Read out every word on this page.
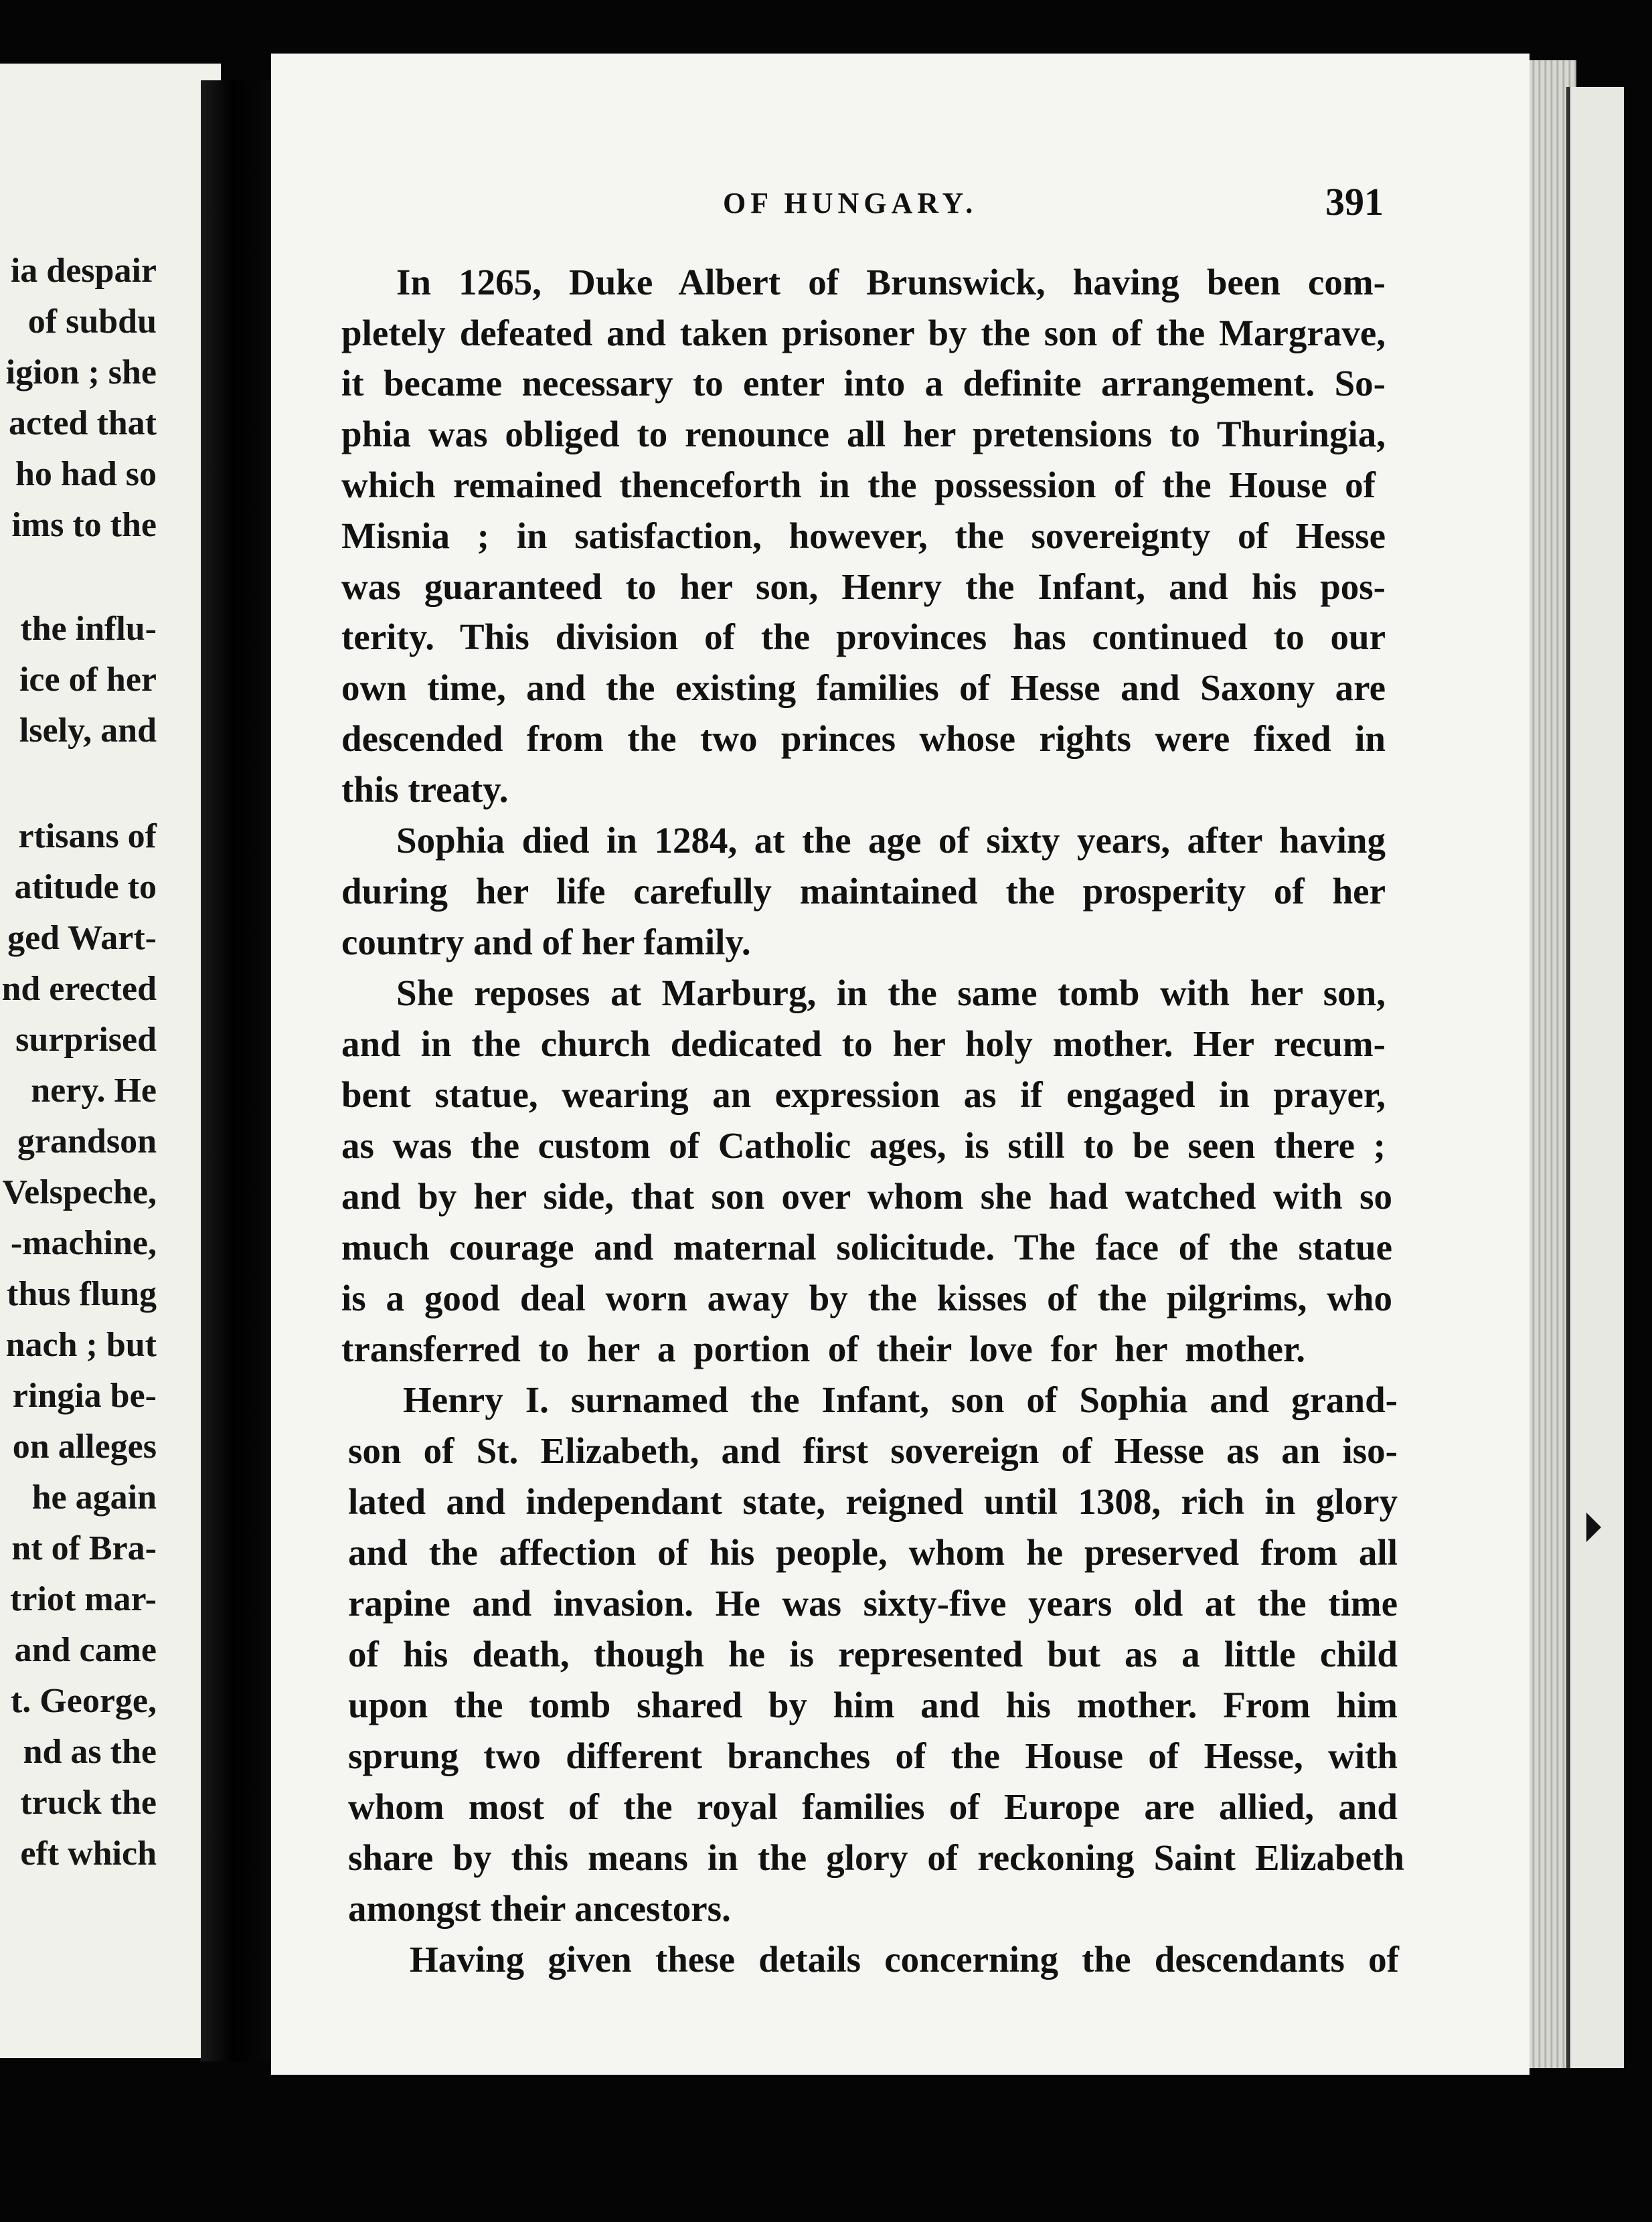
ia despair
of subdu
igion ; she
acted that
ho had so
ims to the
the influ-
ice of her
lsely, and
rtisans of
atitude to
ged Wart-
nd erected
surprised
nery. He
grandson
Velspeche,
-machine,
thus flung
nach ; but
ringia be-
on alleges
he again
nt of Bra-
triot mar-
and came
t. George,
nd as the
truck the
eft which
OF HUNGARY.	391
In 1265, Duke Albert of Brunswick, having been com-
pletely defeated and taken prisoner by the son of the Margrave,
it became necessary to enter into a definite arrangement. So-
phia was obliged to renounce all her pretensions to Thuringia,
which remained thenceforth in the possession of the House of
Misnia ; in satisfaction, however, the sovereignty of Hesse
was guaranteed to her son, Henry the Infant, and his pos-
terity. This division of the provinces has continued to our
own time, and the existing families of Hesse and Saxony are
descended from the two princes whose rights were fixed in
this treaty.
Sophia died in 1284, at the age of sixty years, after having
during her life carefully maintained the prosperity of her
country and of her family.
She reposes at Marburg, in the same tomb with her son,
and in the church dedicated to her holy mother. Her recum-
bent statue, wearing an expression as if engaged in prayer,
as was the custom of Catholic ages, is still to be seen there ;
and by her side, that son over whom she had watched with so
much courage and maternal solicitude. The face of the statue
is a good deal worn away by the kisses of the pilgrims, who
transferred to her a portion of their love for her mother.
Henry I. surnamed the Infant, son of Sophia and grand-
son of St. Elizabeth, and first sovereign of Hesse as an iso-
lated and independant state, reigned until 1308, rich in glory
and the affection of his people, whom he preserved from all
rapine and invasion. He was sixty-five years old at the time
of his death, though he is represented but as a little child
upon the tomb shared by him and his mother. From him
sprung two different branches of the House of Hesse, with
whom most of the royal families of Europe are allied, and
share by this means in the glory of reckoning Saint Elizabeth
amongst their ancestors.
Having given these details concerning the descendants of
